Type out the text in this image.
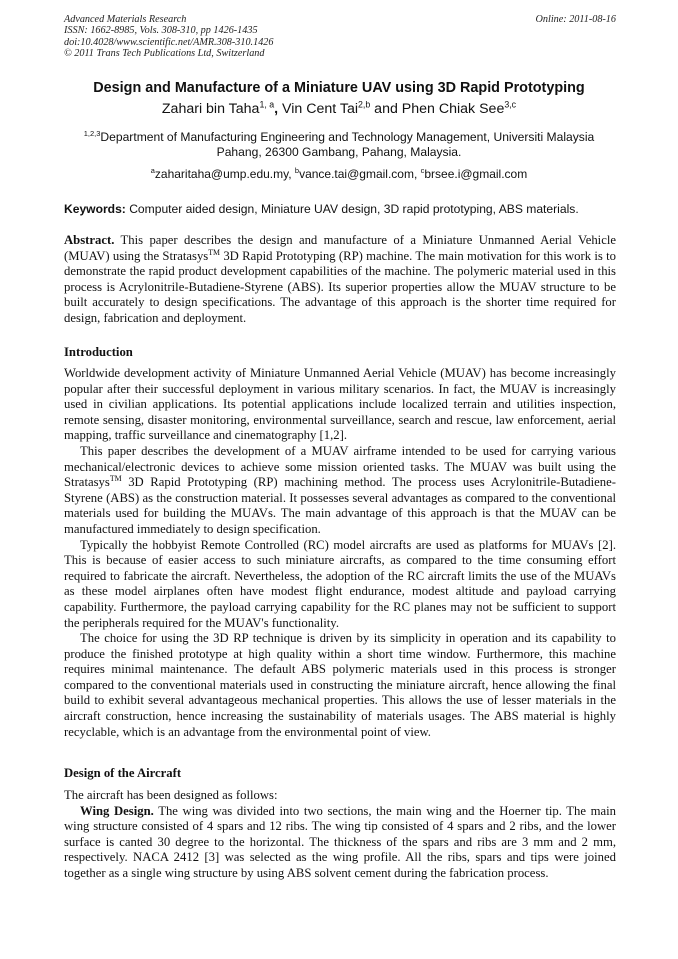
Advanced Materials Research
ISSN: 1662-8985, Vols. 308-310, pp 1426-1435
doi:10.4028/www.scientific.net/AMR.308-310.1426
© 2011 Trans Tech Publications Ltd, Switzerland
Online: 2011-08-16
Design and Manufacture of a Miniature UAV using 3D Rapid Prototyping
Zahari bin Taha$^{1, a}$, Vin Cent Tai$^{2,b}$ and Phen Chiak See$^{3,c}$
$^{1,2,3}$Department of Manufacturing Engineering and Technology Management, Universiti Malaysia Pahang, 26300 Gambang, Pahang, Malaysia.
$^a$zaharitaha@ump.edu.my, $^b$vance.tai@gmail.com, $^c$brsee.i@gmail.com
Keywords: Computer aided design, Miniature UAV design, 3D rapid prototyping, ABS materials.

Abstract. This paper describes the design and manufacture of a Miniature Unmanned Aerial Vehicle (MUAV) using the Stratasys™ 3D Rapid Prototyping (RP) machine. The main motivation for this work is to demonstrate the rapid product development capabilities of the machine. The polymeric material used in this process is Acrylonitrile-Butadiene-Styrene (ABS). Its superior properties allow the MUAV structure to be built accurately to design specifications. The advantage of this approach is the shorter time required for design, fabrication and deployment.

Introduction

Worldwide development activity of Miniature Unmanned Aerial Vehicle (MUAV) has become increasingly popular after their successful deployment in various military scenarios. In fact, the MUAV is increasingly used in civilian applications. Its potential applications include localized terrain and utilities inspection, remote sensing, disaster monitoring, environmental surveillance, search and rescue, law enforcement, aerial mapping, traffic surveillance and cinematography [1,2].

This paper describes the development of a MUAV airframe intended to be used for carrying various mechanical/electronic devices to achieve some mission oriented tasks. The MUAV was built using the Stratasys™ 3D Rapid Prototyping (RP) machining method. The process uses Acrylonitrile-Butadiene-Styrene (ABS) as the construction material. It possesses several advantages as compared to the conventional materials used for building the MUAVs. The main advantage of this approach is that the MUAV can be manufactured immediately to design specification.

Typically the hobbyist Remote Controlled (RC) model aircrafts are used as platforms for MUAVs [2]. This is because of easier access to such miniature aircrafts, as compared to the time consuming effort required to fabricate the aircraft. Nevertheless, the adoption of the RC aircraft limits the use of the MUAVs as these model airplanes often have modest flight endurance, modest altitude and payload carrying capability. Furthermore, the payload carrying capability for the RC planes may not be sufficient to support the peripherals required for the MUAV's functionality.

The choice for using the 3D RP technique is driven by its simplicity in operation and its capability to produce the finished prototype at high quality within a short time window. Furthermore, this machine requires minimal maintenance. The default ABS polymeric materials used in this process is stronger compared to the conventional materials used in constructing the miniature aircraft, hence allowing the final build to exhibit several advantageous mechanical properties. This allows the use of lesser materials in the aircraft construction, hence increasing the sustainability of materials usages. The ABS material is highly recyclable, which is an advantage from the environmental point of view.

Design of the Aircraft

The aircraft has been designed as follows:

Wing Design. The wing was divided into two sections, the main wing and the Hoerner tip. The main wing structure consisted of 4 spars and 12 ribs. The wing tip consisted of 4 spars and 2 ribs, and the lower surface is canted 30 degree to the horizontal. The thickness of the spars and ribs are 3 mm and 2 mm, respectively. NACA 2412 [3] was selected as the wing profile. All the ribs, spars and tips were joined together as a single wing structure by using ABS solvent cement during the fabrication process.
